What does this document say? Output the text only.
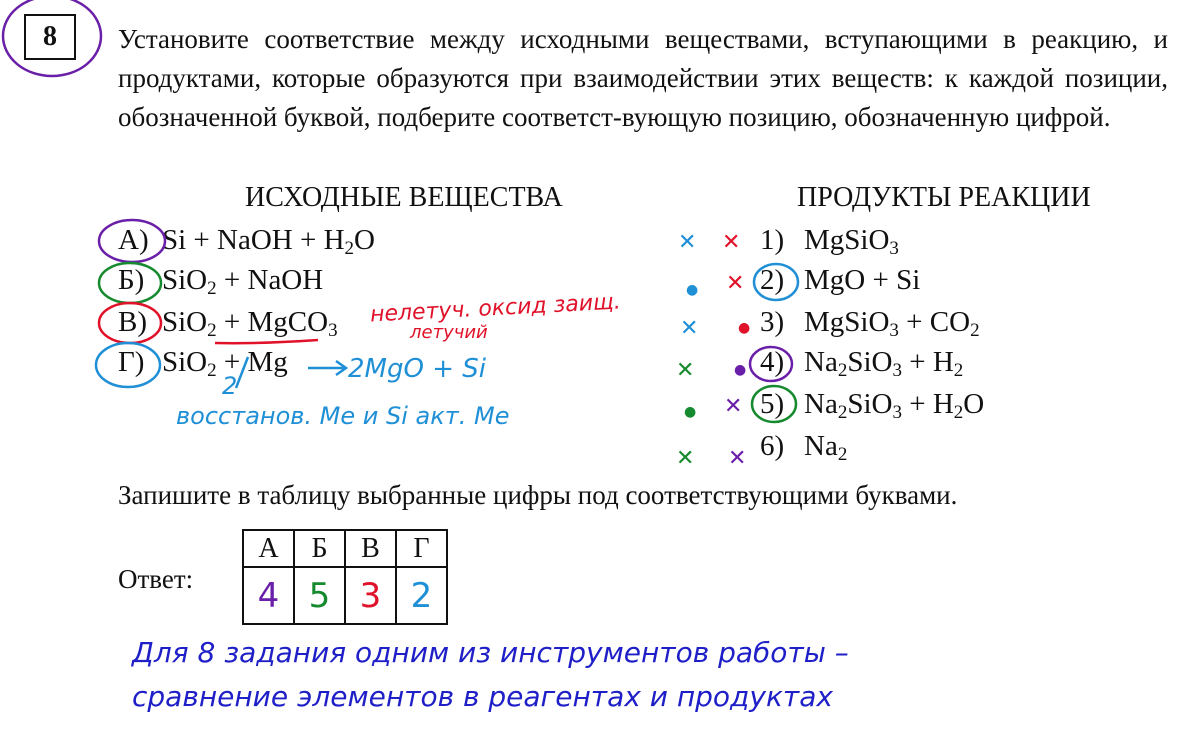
8	Установите соответствие между исходными веществами, вступающими в реакцию, и продуктами, которые образуются при взаимодействии этих веществ: к каждой позиции, обозначенной буквой, подберите соответст-вующую позицию, обозначенную цифрой.
ИСХОДНЫЕ ВЕЩЕСТВА	ПРОДУКТЫ РЕАКЦИИ
А) Si + NaOH + $H_2O$
Б) SiO$_2$ + NaOH
В) SiO$_2$ + MgCO$_3$
Г) SiO$_2$ + Mg
1) MgSiO$_3$
2) MgO + Si
3) MgSiO$_3$ + $CO_2$
4) $Na_2SiO_3 + H_2$
5) $Na_2SiO_3 + H_2O$
6) $Na_2$
Запишите в таблицу выбранные цифры под соответствующими буквами.
Ответ:
А	Б	В	Г
4	5	3	2
нелетуч. оксид заищ.
летучий
2
2MgO + Si
восстанов. Ме и Si акт. Ме
Для 8 задания одним из инструментов работы –
сравнение элементов в реагентах и продуктах
✕ ✕
● ✕
✕	●
✕	●
● ✕
✕ ✕
